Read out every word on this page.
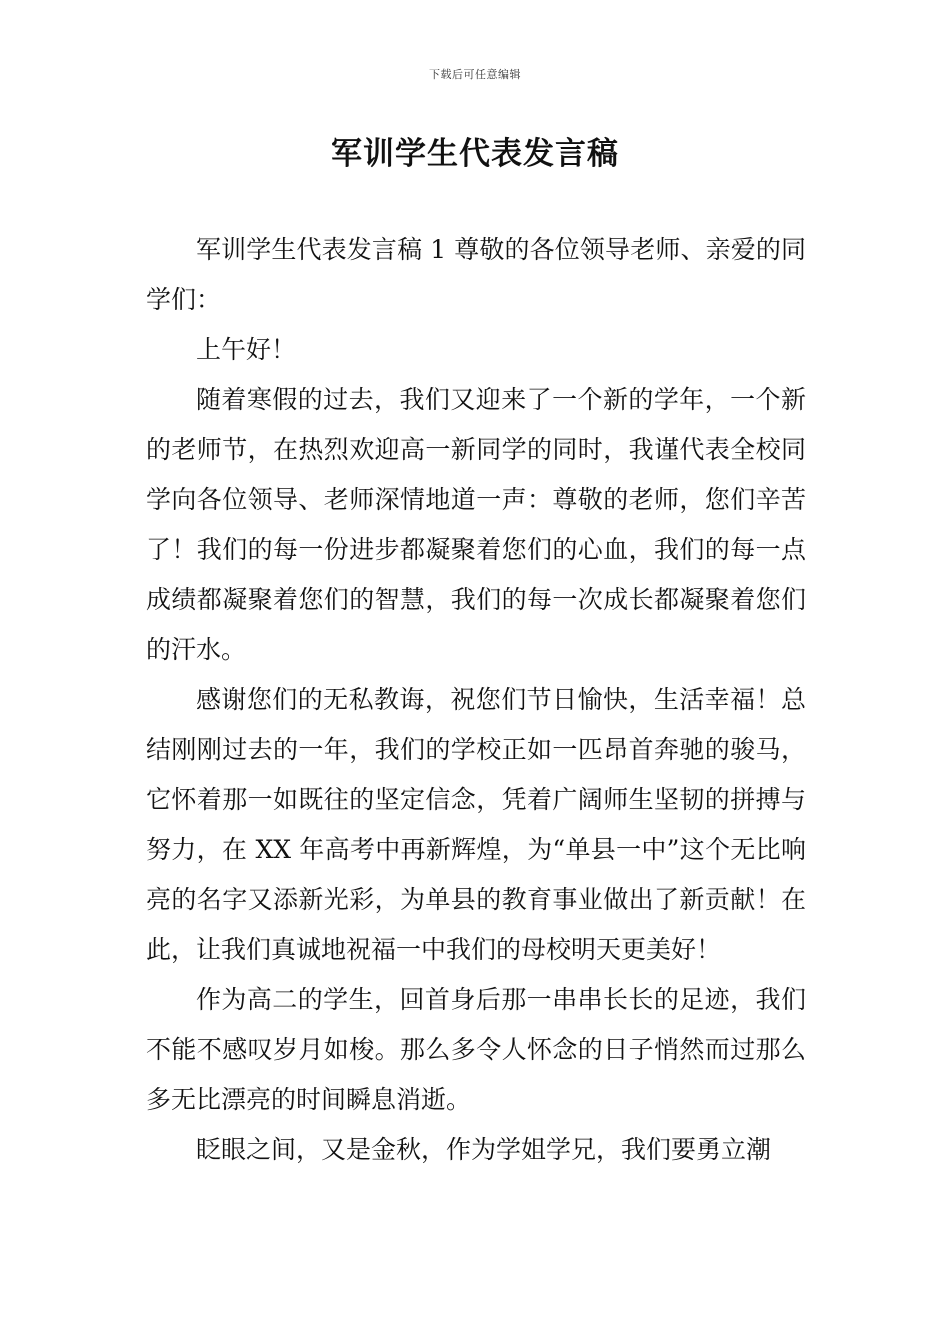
下载后可任意编辑
军训学生代表发言稿

军训学生代表发言稿 1 尊敬的各位领导老师、亲爱的同学们：

上午好！

随着寒假的过去，我们又迎来了一个新的学年，一个新的老师节，在热烈欢迎高一新同学的同时，我谨代表全校同学向各位领导、老师深情地道一声：尊敬的老师，您们辛苦了！我们的每一份进步都凝聚着您们的心血，我们的每一点成绩都凝聚着您们的智慧，我们的每一次成长都凝聚着您们的汗水。

感谢您们的无私教诲，祝您们节日愉快，生活幸福！总结刚刚过去的一年，我们的学校正如一匹昂首奔驰的骏马，它怀着那一如既往的坚定信念，凭着广阔师生坚韧的拼搏与努力，在 XX 年高考中再新辉煌，为“单县一中”这个无比响亮的名字又添新光彩，为单县的教育事业做出了新贡献！在此，让我们真诚地祝福一中我们的母校明天更美好！

作为高二的学生，回首身后那一串串长长的足迹，我们不能不感叹岁月如梭。那么多令人怀念的日子悄然而过那么多无比漂亮的时间瞬息消逝。

眨眼之间，又是金秋，作为学姐学兄，我们要勇立潮
